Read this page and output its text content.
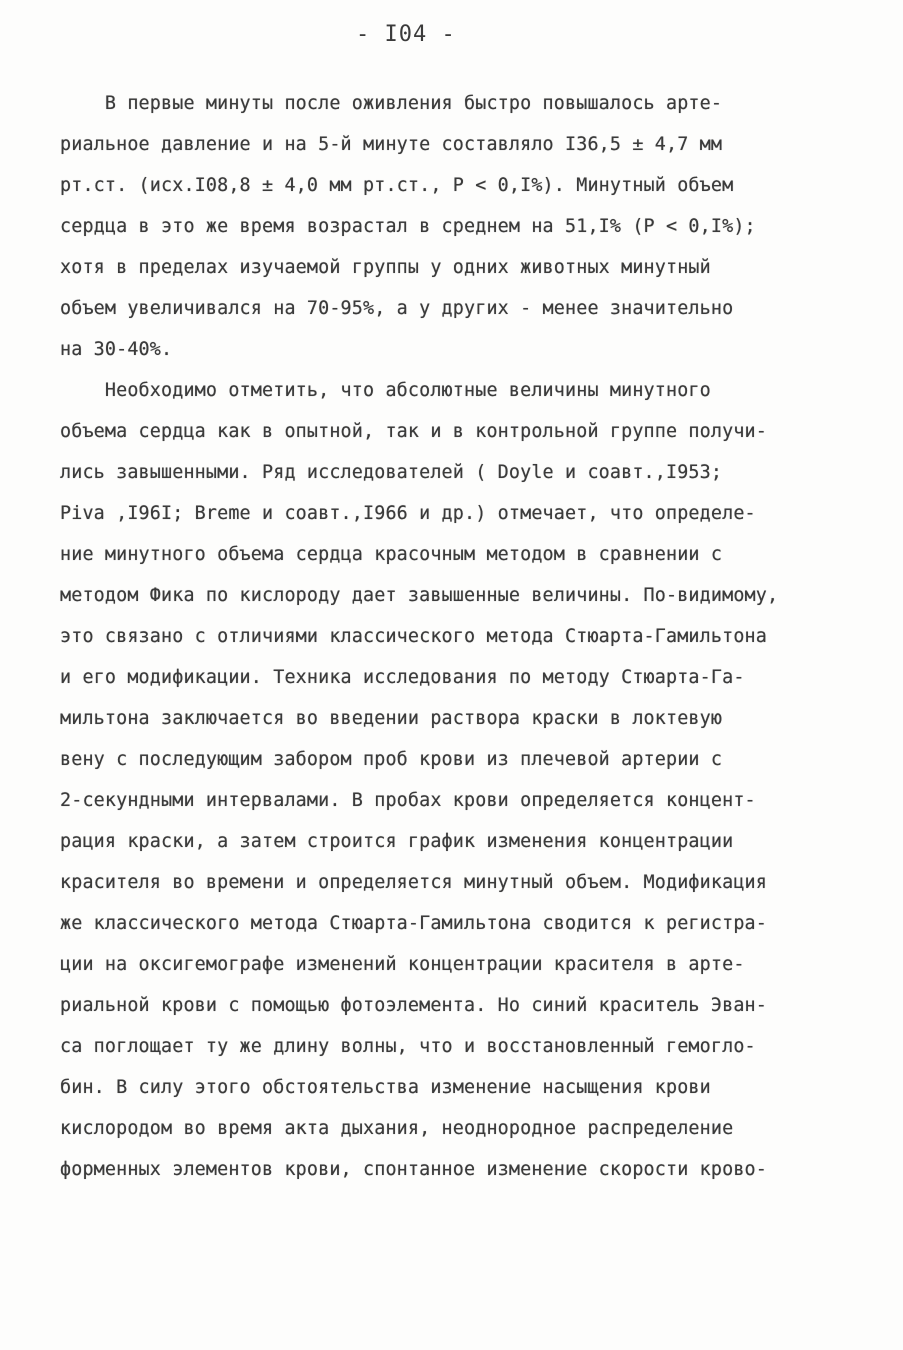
- I04 -
В первые минуты после оживления быстро повышалось арте-
риальное давление и на 5-й минуте составляло I36,5 ± 4,7 мм
рт.ст. (исх.I08,8 ± 4,0 мм рт.ст., P < 0,I%). Минутный объем
сердца в это же время возрастал в среднем на 51,I% (P < 0,I%);
хотя в пределах изучаемой группы у одних животных минутный
объем увеличивался на 70-95%, а у других - менее значительно
на 30-40%.
Необходимо отметить, что абсолютные величины минутного
объема сердца как в опытной, так и в контрольной группе получи-
лись завышенными. Ряд исследователей ( Doyle и соавт.,I953;
Piva ,I96I; Breme и соавт.,I966 и др.) отмечает, что определе-
ние минутного объема сердца красочным методом в сравнении с
методом Фика по кислороду дает завышенные величины. По-видимому,
это связано с отличиями классического метода Стюарта-Гамильтона
и его модификации. Техника исследования по методу Стюарта-Га-
мильтона заключается во введении раствора краски в локтевую
вену с последующим забором проб крови из плечевой артерии с
2-секундными интервалами. В пробах крови определяется концент-
рация краски, а затем строится график изменения концентрации
красителя во времени и определяется минутный объем. Модификация
же классического метода Стюарта-Гамильтона сводится к регистра-
ции на оксигемографе изменений концентрации красителя в арте-
риальной крови с помощью фотоэлемента. Но синий краситель Эван-
са поглощает ту же длину волны, что и восстановленный гемогло-
бин. В силу этого обстоятельства изменение насыщения крови
кислородом во время акта дыхания, неоднородное распределение
форменных элементов крови, спонтанное изменение скорости крово-
